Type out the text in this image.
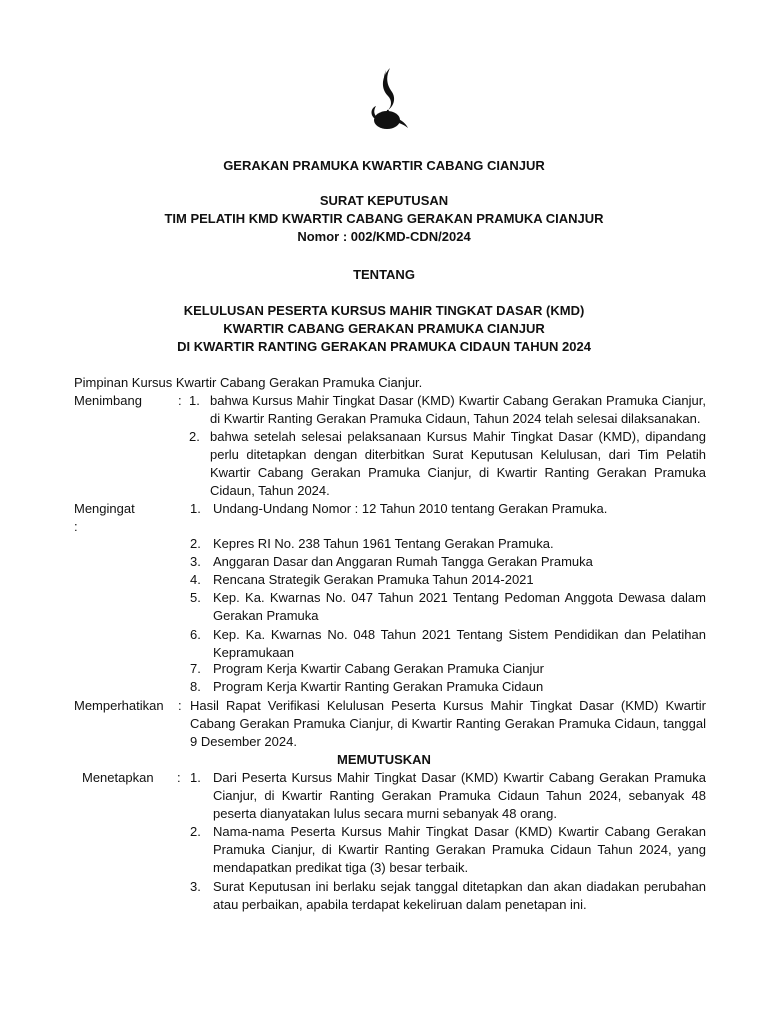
GERAKAN PRAMUKA KWARTIR CABANG CIANJUR
SURAT KEPUTUSAN
TIM PELATIH KMD KWARTIR CABANG GERAKAN PRAMUKA CIANJUR
Nomor : 002/KMD-CDN/2024
TENTANG
KELULUSAN PESERTA KURSUS MAHIR TINGKAT DASAR (KMD)
KWARTIR CABANG GERAKAN PRAMUKA CIANJUR
DI KWARTIR RANTING GERAKAN PRAMUKA CIDAUN TAHUN 2024
Pimpinan Kursus Kwartir Cabang Gerakan Pramuka Cianjur.
Menimbang	: 1. bahwa Kursus Mahir Tingkat Dasar (KMD) Kwartir Cabang Gerakan Pramuka Cianjur, di Kwartir Ranting Gerakan Pramuka Cidaun, Tahun 2024 telah selesai dilaksanakan.
2. bahwa setelah selesai pelaksanaan Kursus Mahir Tingkat Dasar (KMD), dipandang perlu ditetapkan dengan diterbitkan Surat Keputusan Kelulusan, dari Tim Pelatih Kwartir Cabang Gerakan Pramuka Cianjur, di Kwartir Ranting Gerakan Pramuka Cidaun, Tahun 2024.
Mengingat
:
1. Undang-Undang Nomor : 12 Tahun 2010 tentang Gerakan Pramuka.
2. Kepres RI No. 238 Tahun 1961 Tentang Gerakan Pramuka.
3. Anggaran Dasar dan Anggaran Rumah Tangga Gerakan Pramuka
4. Rencana Strategik Gerakan Pramuka Tahun 2014-2021
5. Kep. Ka. Kwarnas No. 047 Tahun 2021 Tentang Pedoman Anggota Dewasa dalam Gerakan Pramuka
6. Kep. Ka. Kwarnas No. 048 Tahun 2021 Tentang Sistem Pendidikan dan Pelatihan Kepramukaan
7. Program Kerja Kwartir Cabang Gerakan Pramuka Cianjur
8. Program Kerja Kwartir Ranting Gerakan Pramuka Cidaun
Memperhatikan	: Hasil Rapat Verifikasi Kelulusan Peserta Kursus Mahir Tingkat Dasar (KMD) Kwartir Cabang Gerakan Pramuka Cianjur, di Kwartir Ranting Gerakan Pramuka Cidaun, tanggal 9 Desember 2024.
MEMUTUSKAN
Menetapkan	: 1. Dari Peserta Kursus Mahir Tingkat Dasar (KMD) Kwartir Cabang Gerakan Pramuka Cianjur, di Kwartir Ranting Gerakan Pramuka Cidaun Tahun 2024, sebanyak 48 peserta dianyatakan lulus secara murni sebanyak 48 orang.
2. Nama-nama Peserta Kursus Mahir Tingkat Dasar (KMD) Kwartir Cabang Gerakan Pramuka Cianjur, di Kwartir Ranting Gerakan Pramuka Cidaun Tahun 2024, yang mendapatkan predikat tiga (3) besar terbaik.
3. Surat Keputusan ini berlaku sejak tanggal ditetapkan dan akan diadakan perubahan atau perbaikan, apabila terdapat kekeliruan dalam penetapan ini.
